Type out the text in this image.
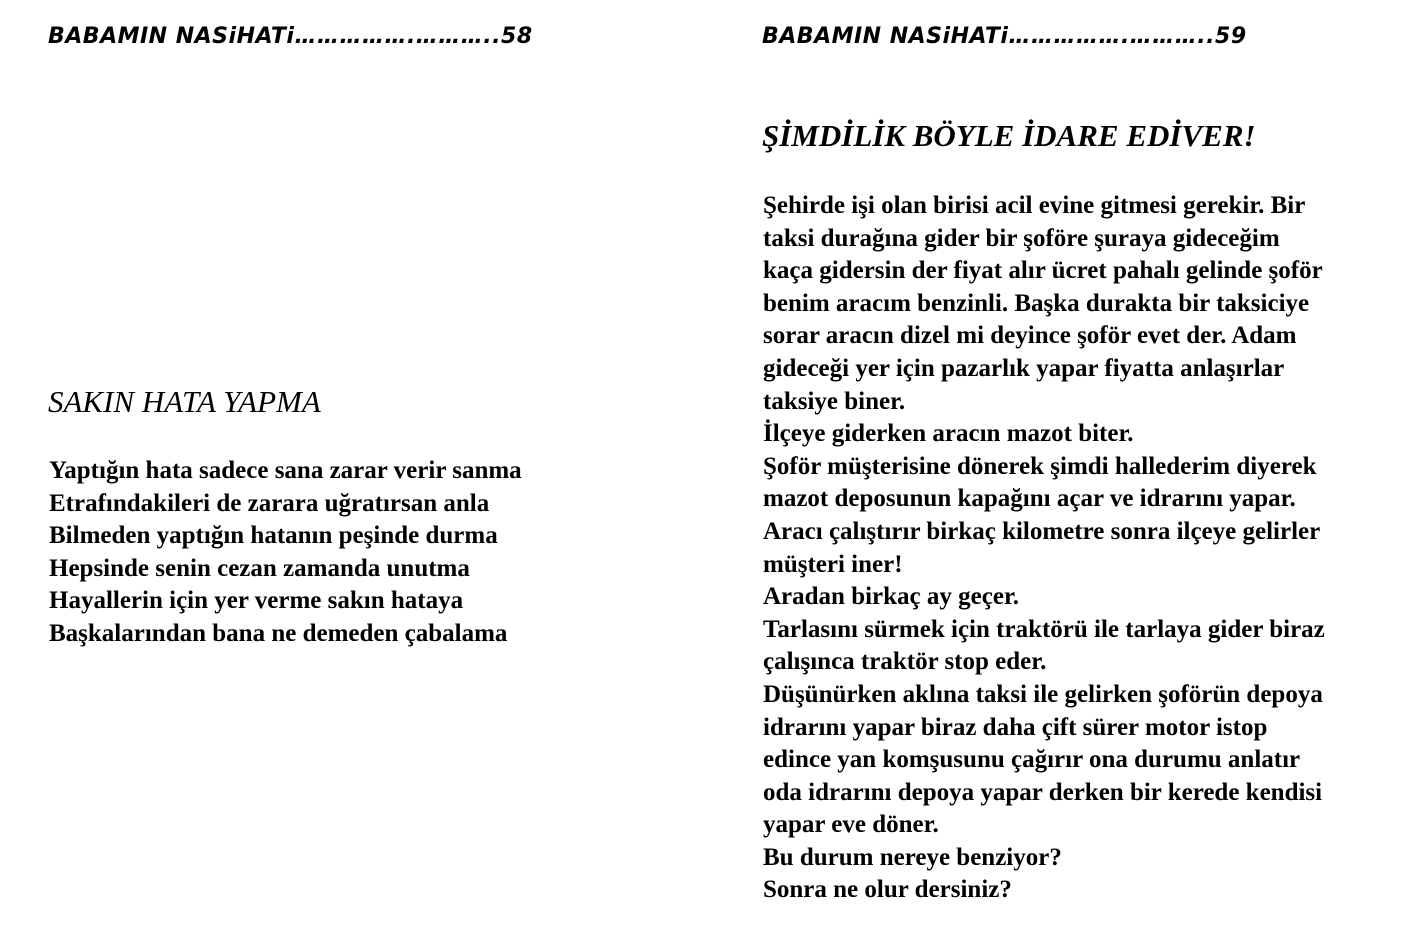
BABAMIN NASiHATi…………….………..58
SAKIN HATA YAPMA
Yaptığın hata sadece sana zarar verir sanma
Etrafındakileri de zarara uğratırsan anla
Bilmeden yaptığın hatanın peşinde durma
Hepsinde senin cezan zamanda unutma
Hayallerin için yer verme sakın hataya
Başkalarından bana ne demeden çabalama
BABAMIN NASiHATi…………….………..59
ŞİMDİLİK BÖYLE İDARE EDİVER!
Şehirde işi olan birisi acil evine gitmesi gerekir. Bir
taksi durağına gider bir şoföre şuraya gideceğim
kaça gidersin der fiyat alır ücret pahalı gelinde şoför
benim aracım benzinli. Başka durakta bir taksiciye
sorar aracın dizel mi deyince şoför evet der. Adam
gideceği yer için pazarlık yapar fiyatta anlaşırlar
taksiye biner.
İlçeye giderken aracın mazot biter.
Şoför müşterisine dönerek şimdi hallederim diyerek
mazot deposunun kapağını açar ve idrarını yapar.
Aracı çalıştırır birkaç kilometre sonra ilçeye gelirler
müşteri iner!
Aradan birkaç ay geçer.
Tarlasını sürmek için traktörü ile tarlaya gider biraz
çalışınca traktör stop eder.
Düşünürken aklına taksi ile gelirken şoförün depoya
idrarını yapar biraz daha çift sürer motor istop
edince yan komşusunu çağırır ona durumu anlatır
oda idrarını depoya yapar derken bir kerede kendisi
yapar eve döner.
Bu durum nereye benziyor?
Sonra ne olur dersiniz?
